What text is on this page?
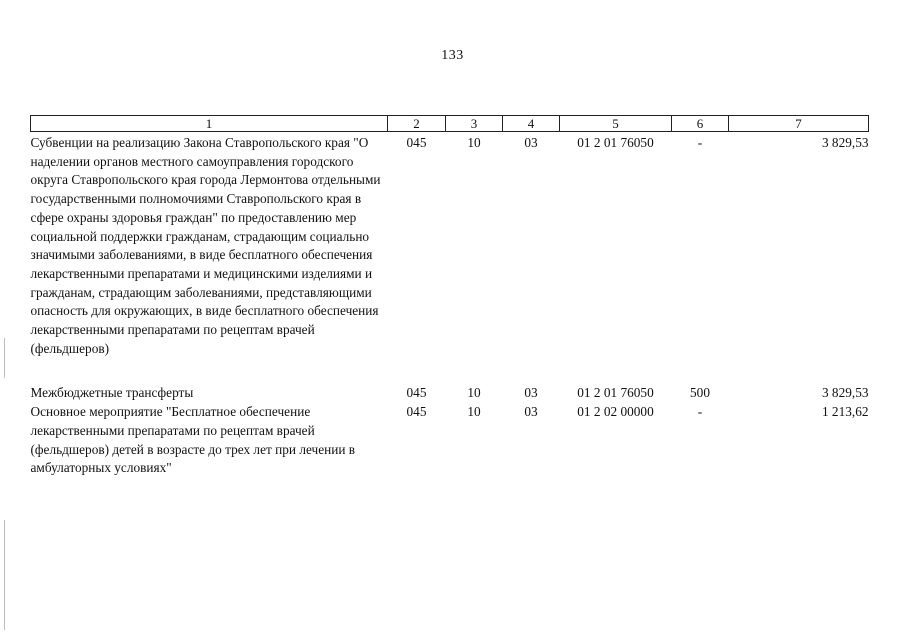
133
1	2	3	4	5	6	7
Субвенции на реализацию Закона Ставропольского края "О наделении органов местного самоуправления городского округа Ставропольского края города Лермонтова отдельными государственными полномочиями Ставропольского края в сфере охраны здоровья граждан" по предоставлению мер социальной поддержки гражданам, страдающим социально значимыми заболеваниями, в виде бесплатного обеспечения лекарственными препаратами и медицинскими изделиями и гражданам, страдающим заболеваниями, представляющими опасность для окружающих, в виде бесплатного обеспечения лекарственными препаратами по рецептам врачей (фельдшеров)	045	10	03	01 2 01 76050	-	3 829,53

Межбюджетные трансферты	045	10	03	01 2 01 76050	500	3 829,53
Основное мероприятие "Бесплатное обеспечение лекарственными препаратами по рецептам врачей (фельдшеров) детей в возрасте до трех лет при лечении в амбулаторных условиях"	045	10	03	01 2 02 00000	-	1 213,62
